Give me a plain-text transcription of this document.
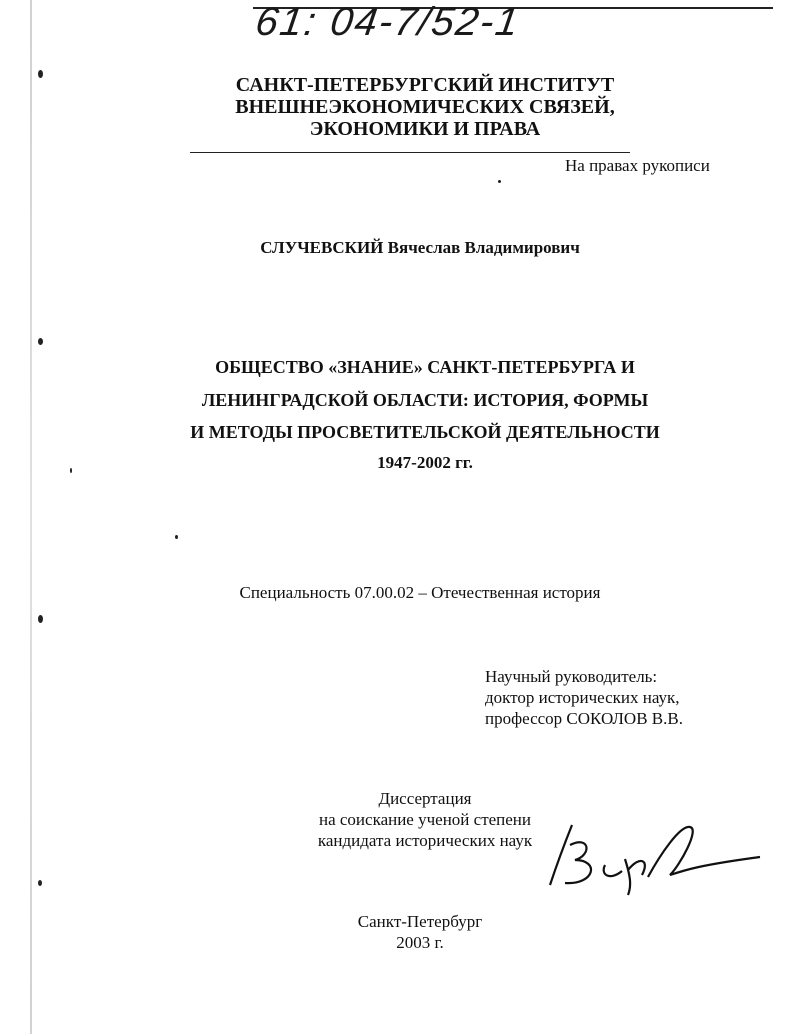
61: 04-7/52-1
САНКТ-ПЕТЕРБУРГСКИЙ ИНСТИТУТ
ВНЕШНЕЭКОНОМИЧЕСКИХ СВЯЗЕЙ,
ЭКОНОМИКИ И ПРАВА
На правах рукописи
СЛУЧЕВСКИЙ Вячеслав Владимирович
ОБЩЕСТВО «ЗНАНИЕ» САНКТ-ПЕТЕРБУРГА И
ЛЕНИНГРАДСКОЙ ОБЛАСТИ: ИСТОРИЯ, ФОРМЫ
И МЕТОДЫ ПРОСВЕТИТЕЛЬСКОЙ ДЕЯТЕЛЬНОСТИ
1947-2002 гг.
Специальность 07.00.02 – Отечественная история
Научный руководитель:
доктор исторических наук,
профессор СОКОЛОВ В.В.
Диссертация
на соискание ученой степени
кандидата исторических наук
Санкт-Петербург
2003 г.
